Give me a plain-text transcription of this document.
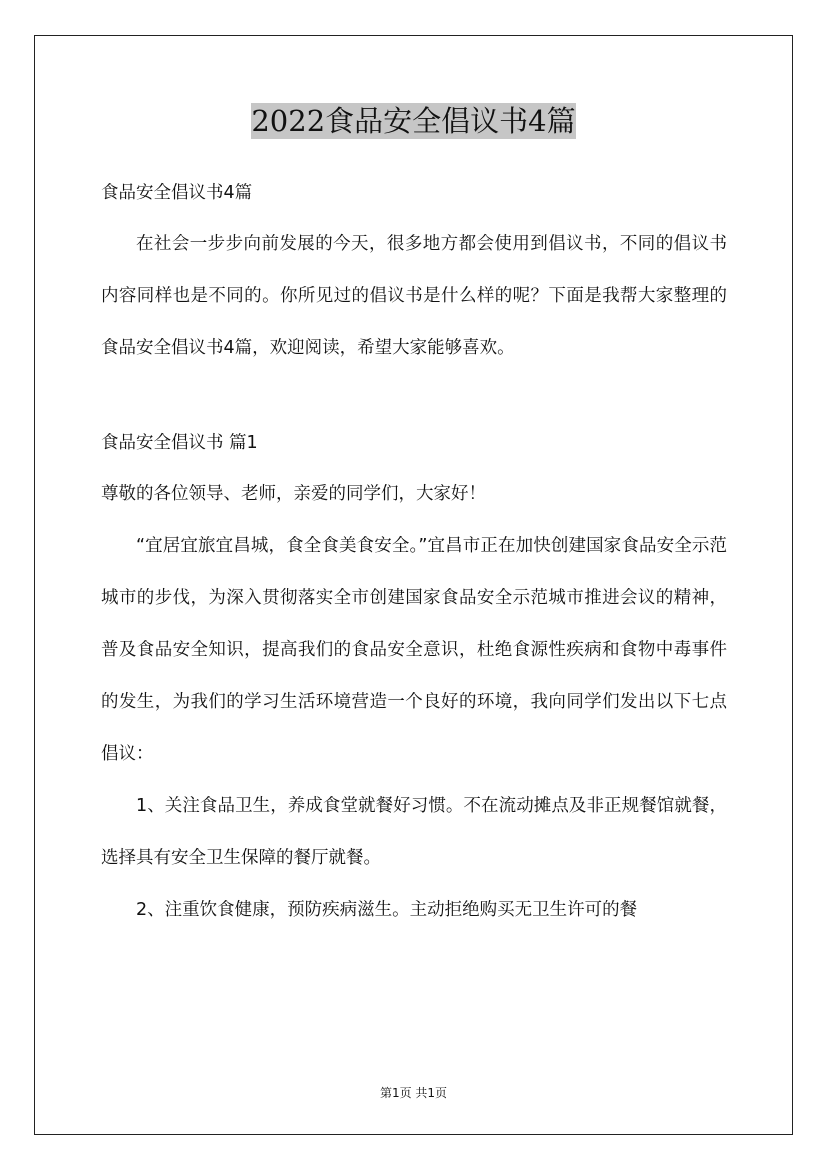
2022食品安全倡议书4篇

食品安全倡议书4篇

在社会一步步向前发展的今天，很多地方都会使用到倡议书，不同的倡议书内容同样也是不同的。你所见过的倡议书是什么样的呢？下面是我帮大家整理的食品安全倡议书4篇，欢迎阅读，希望大家能够喜欢。

食品安全倡议书 篇1

尊敬的各位领导、老师，亲爱的同学们，大家好！

“宜居宜旅宜昌城，食全食美食安全。”宜昌市正在加快创建国家食品安全示范城市的步伐，为深入贯彻落实全市创建国家食品安全示范城市推进会议的精神，普及食品安全知识，提高我们的食品安全意识，杜绝食源性疾病和食物中毒事件的发生，为我们的学习生活环境营造一个良好的环境，我向同学们发出以下七点倡议：

1、关注食品卫生，养成食堂就餐好习惯。不在流动摊点及非正规餐馆就餐，选择具有安全卫生保障的餐厅就餐。

2、注重饮食健康，预防疾病滋生。主动拒绝购买无卫生许可的餐

第1页 共1页
